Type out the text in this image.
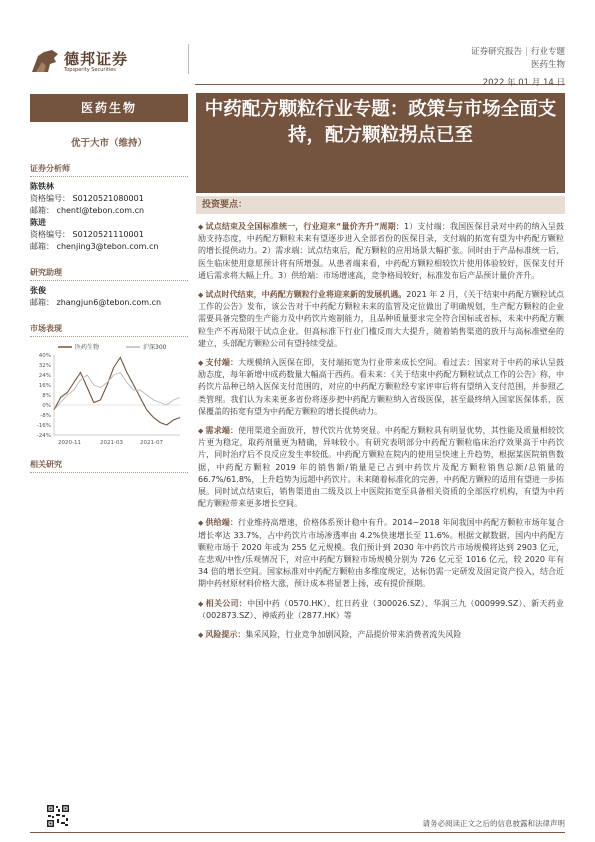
德邦证券
Topsperity Securities
证券研究报告 | 行业专题
医药生物
2022 年 01 月 14 日
医药生物
优于大市（维持）
证券分析师
陈铁林
资格编号： S0120521080001
邮箱： chentl@tebon.com.cn
陈进
资格编号： S0120521110001
邮箱： chenjing3@tebon.com.cn
研究助理
张俊
邮箱： zhangjun6@tebon.com.cn
市场表现
40%
32%
24%
16%
8%
0%
-8%
-16%
-24%
医药生物	沪深300
2020-11	2021-03	2021-07
相关研究
中药配方颗粒行业专题：政策与市场全面支持，配方颗粒拐点已至
投资要点：
◆ 试点结束及全国标准统一，行业迎来“量价齐升”周期：1）支付端：我国医保目录对中药的纳入呈鼓励支持态度，中药配方颗粒未来有望逐步进入全部省份的医保目录，支付端的拓宽有望为中药配方颗粒的增长提供动力。2）需求端：试点结束后，配方颗粒的应用场景大幅扩张。同时由于产品标准统一后，医生临床使用意愿预计将有所增强。从患者端来看，中药配方颗粒相较饮片使用体验较好，医保支付开通后需求将大幅上升。3）供给端：市场增速高，竞争格局较好，标准发布后产品预计量价齐升。
◆ 试点时代结束，中药配方颗粒行业将迎来新的发展机遇。2021 年 2 月，《关于结束中药配方颗粒试点工作的公告》发布，该公告对于中药配方颗粒未来的监管及定位做出了明确规划，生产配方颗粒的企业需要具备完整的生产能力及中药饮片炮制能力，且品种质量要求完全符合国标或省标，未来中药配方颗粒生产不再局限于试点企业。但高标准下行业门槛反而大大提升，随着销售渠道的放开与高标准壁垒的建立，头部配方颗粒公司有望持续受益。
◆ 支付端：大规模纳入医保在即，支付端拓宽为行业带来成长空间。看过去：国家对于中药的承认呈鼓励态度，每年新增中成药数量大幅高于西药。看未来：《关于结束中药配方颗粒试点工作的公告》称，中药饮片品种已纳入医保支付范围的，对应的中药配方颗粒经专家评审后将有望纳入支付范围，并参照乙类管理。我们认为未来更多省份将逐步把中药配方颗粒纳入省级医保，甚至最终纳入国家医保体系，医保覆盖的拓宽有望为中药配方颗粒的增长提供动力。
◆ 需求端：使用渠道全面放开，替代饮片优势突显。中药配方颗粒具有明显优势，其性能及质量相较饮片更为稳定，取药剂量更为精确，异味较小。有研究表明部分中药配方颗粒临床治疗效果高于中药饮片，同时治疗后不良反应发生率较低。中药配方颗粒在院内的使用呈快速上升趋势，根据某医院销售数据，中药配方颗粒 2019 年的销售额/销量是已占到中药饮片及配方颗粒销售总额/总销量的 66.7%/61.8%，上升趋势为远超中药饮片。未来随着标准化的完善，中药配方颗粒的适用有望进一步拓展。同时试点结束后，销售渠道由二级及以上中医院拓宽至具备相关资质的全部医疗机构，有望为中药配方颗粒带来更多增长空间。
◆ 供给端：行业维持高增速，价格体系预计稳中有升。2014~2018 年间我国中药配方颗粒市场年复合增长率达 33.7%，占中药饮片市场渗透率由 4.2%快速增长至 11.6%。根据文献数据，国内中药配方颗粒市场于 2020 年或为 255 亿元规模。我们预计到 2030 年中药饮片市场规模将达到 2903 亿元，在悲观/中性/乐观情况下，对应中药配方颗粒市场规模分别为 726 亿元至 1016 亿元，较 2020 年有 34 倍的增长空间。国家标准对中药配方颗粒由多维度规定，达标仍需一定研发及固定资产投入，结合近期中药材原材料价格大涨，预计成本将显著上扬，或有提价预期。
◆ 相关公司：中国中药（0570.HK）、红日药业（300026.SZ）、华润三九（000999.SZ）、新天药业（002873.SZ）、神威药业（2877.HK）等
◆ 风险提示：集采风险，行业竞争加剧风险，产品提价带来消费者流失风险
请务必阅读正文之后的信息披露和法律声明
